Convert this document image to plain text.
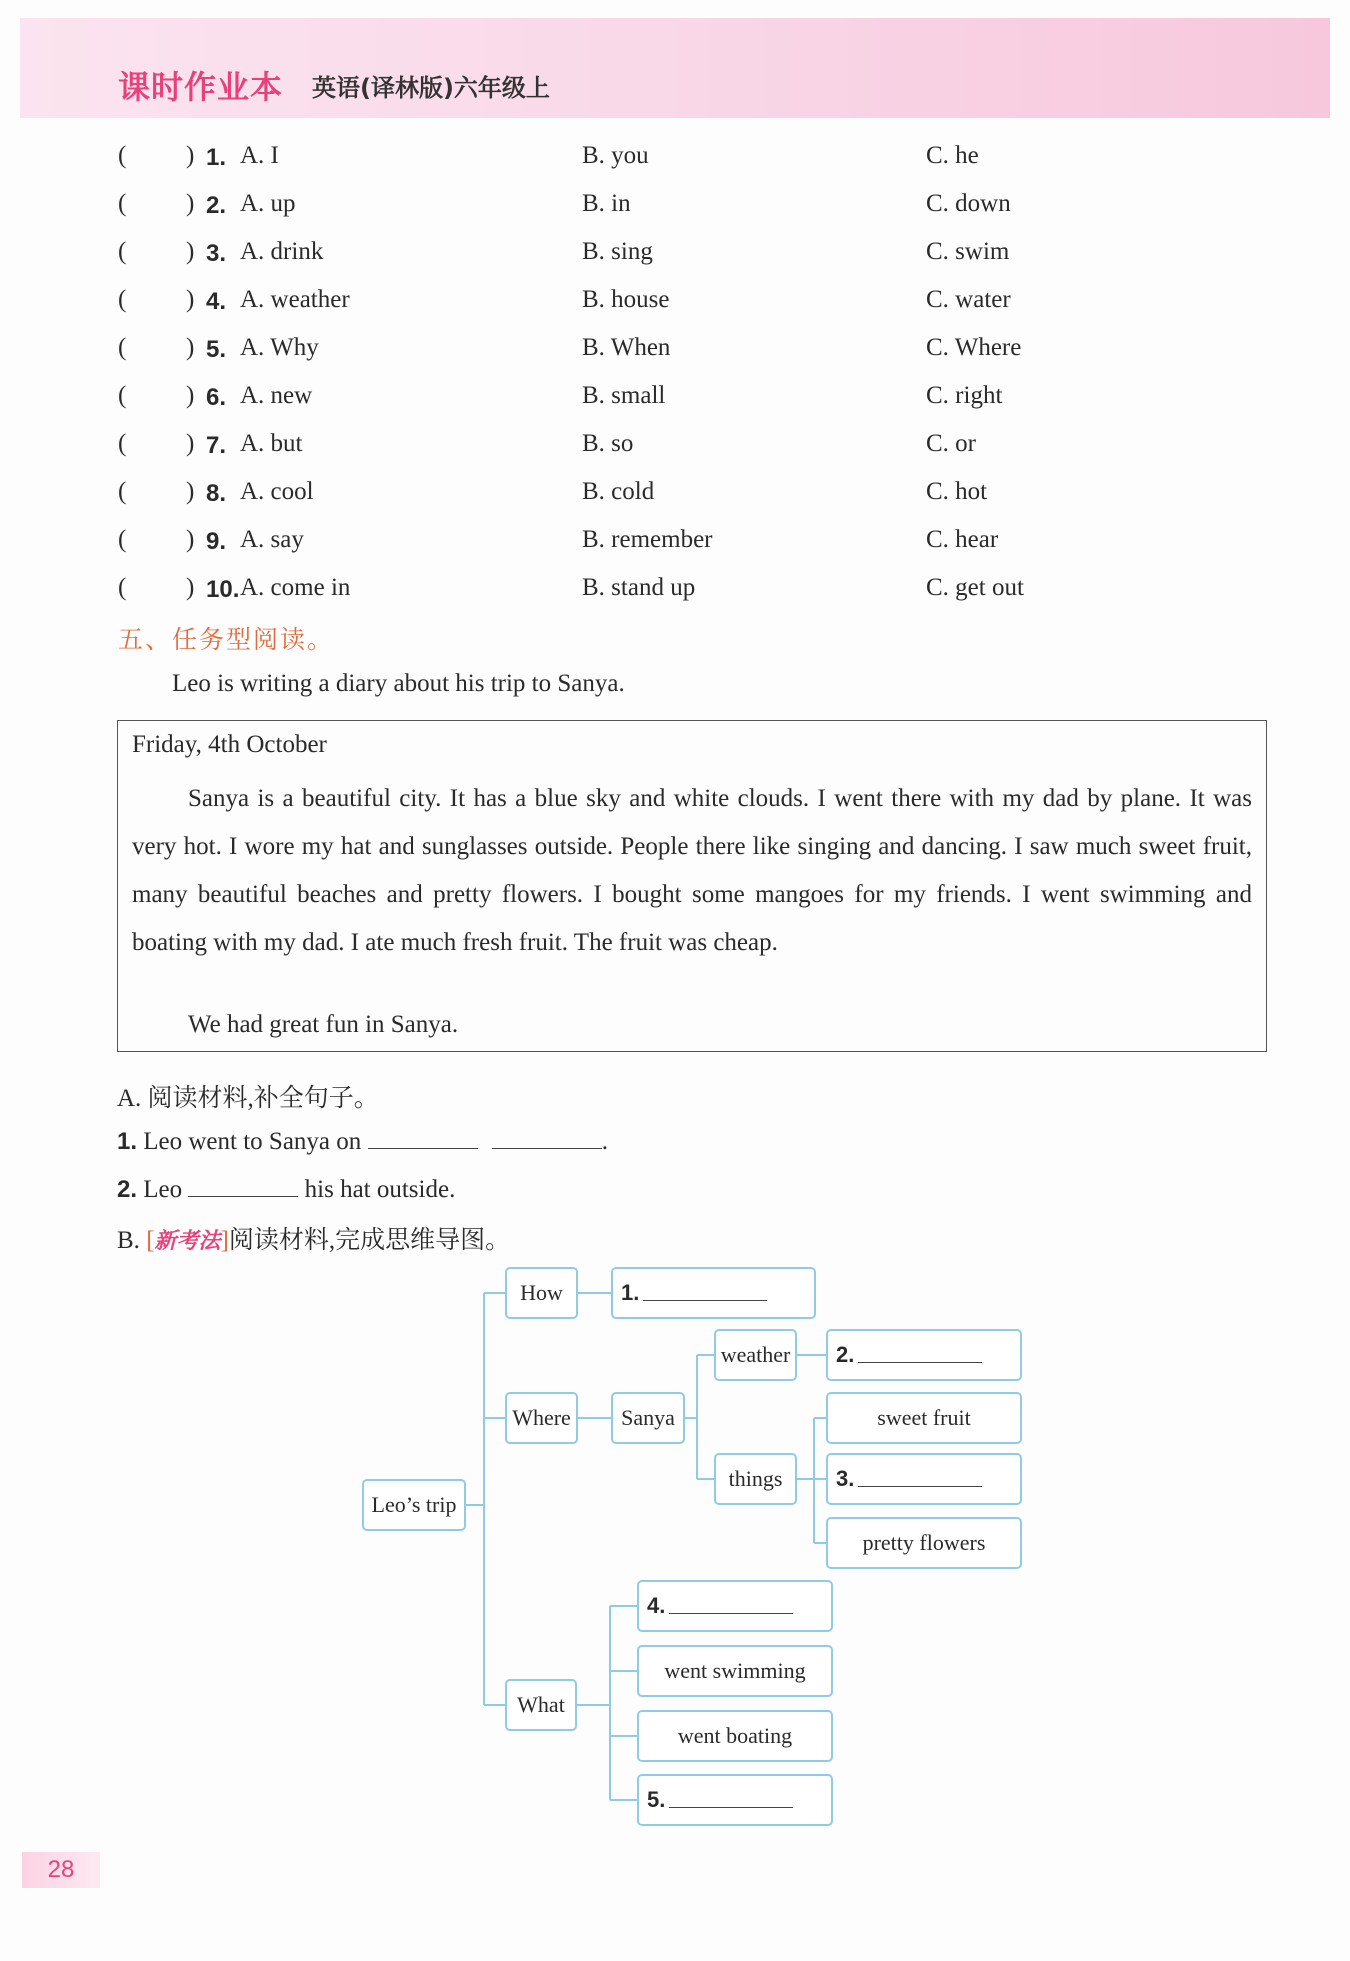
课时作业本 英语(译林版)六年级上
( ) 1. A. I	B. you	C. he
( ) 2. A. up	B. in	C. down
( ) 3. A. drink	B. sing	C. swim
( ) 4. A. weather	B. house	C. water
( ) 5. A. Why	B. When	C. Where
( ) 6. A. new	B. small	C. right
( ) 7. A. but	B. so	C. or
( ) 8. A. cool	B. cold	C. hot
( ) 9. A. say	B. remember	C. hear
( ) 10. A. come in	B. stand up	C. get out
五、任务型阅读。
Leo is writing a diary about his trip to Sanya.
Friday, 4th October

Sanya is a beautiful city. It has a blue sky and white clouds. I went there with my dad by plane. It was very hot. I wore my hat and sunglasses outside. People there like singing and dancing. I saw much sweet fruit, many beautiful beaches and pretty flowers. I bought some mangoes for my friends. I went swimming and boating with my dad. I ate much fresh fruit. The fruit was cheap.

We had great fun in Sanya.
A. 阅读材料,补全句子。
1. Leo went to Sanya on	.
2. Leo	his hat outside.
B. [新考法]阅读材料,完成思维导图。
Leo’s trip
How
Where
What
Sanya
weather
things
sweet fruit
pretty flowers
went swimming
went boating
1.
2.
3.
4.
5.
28
